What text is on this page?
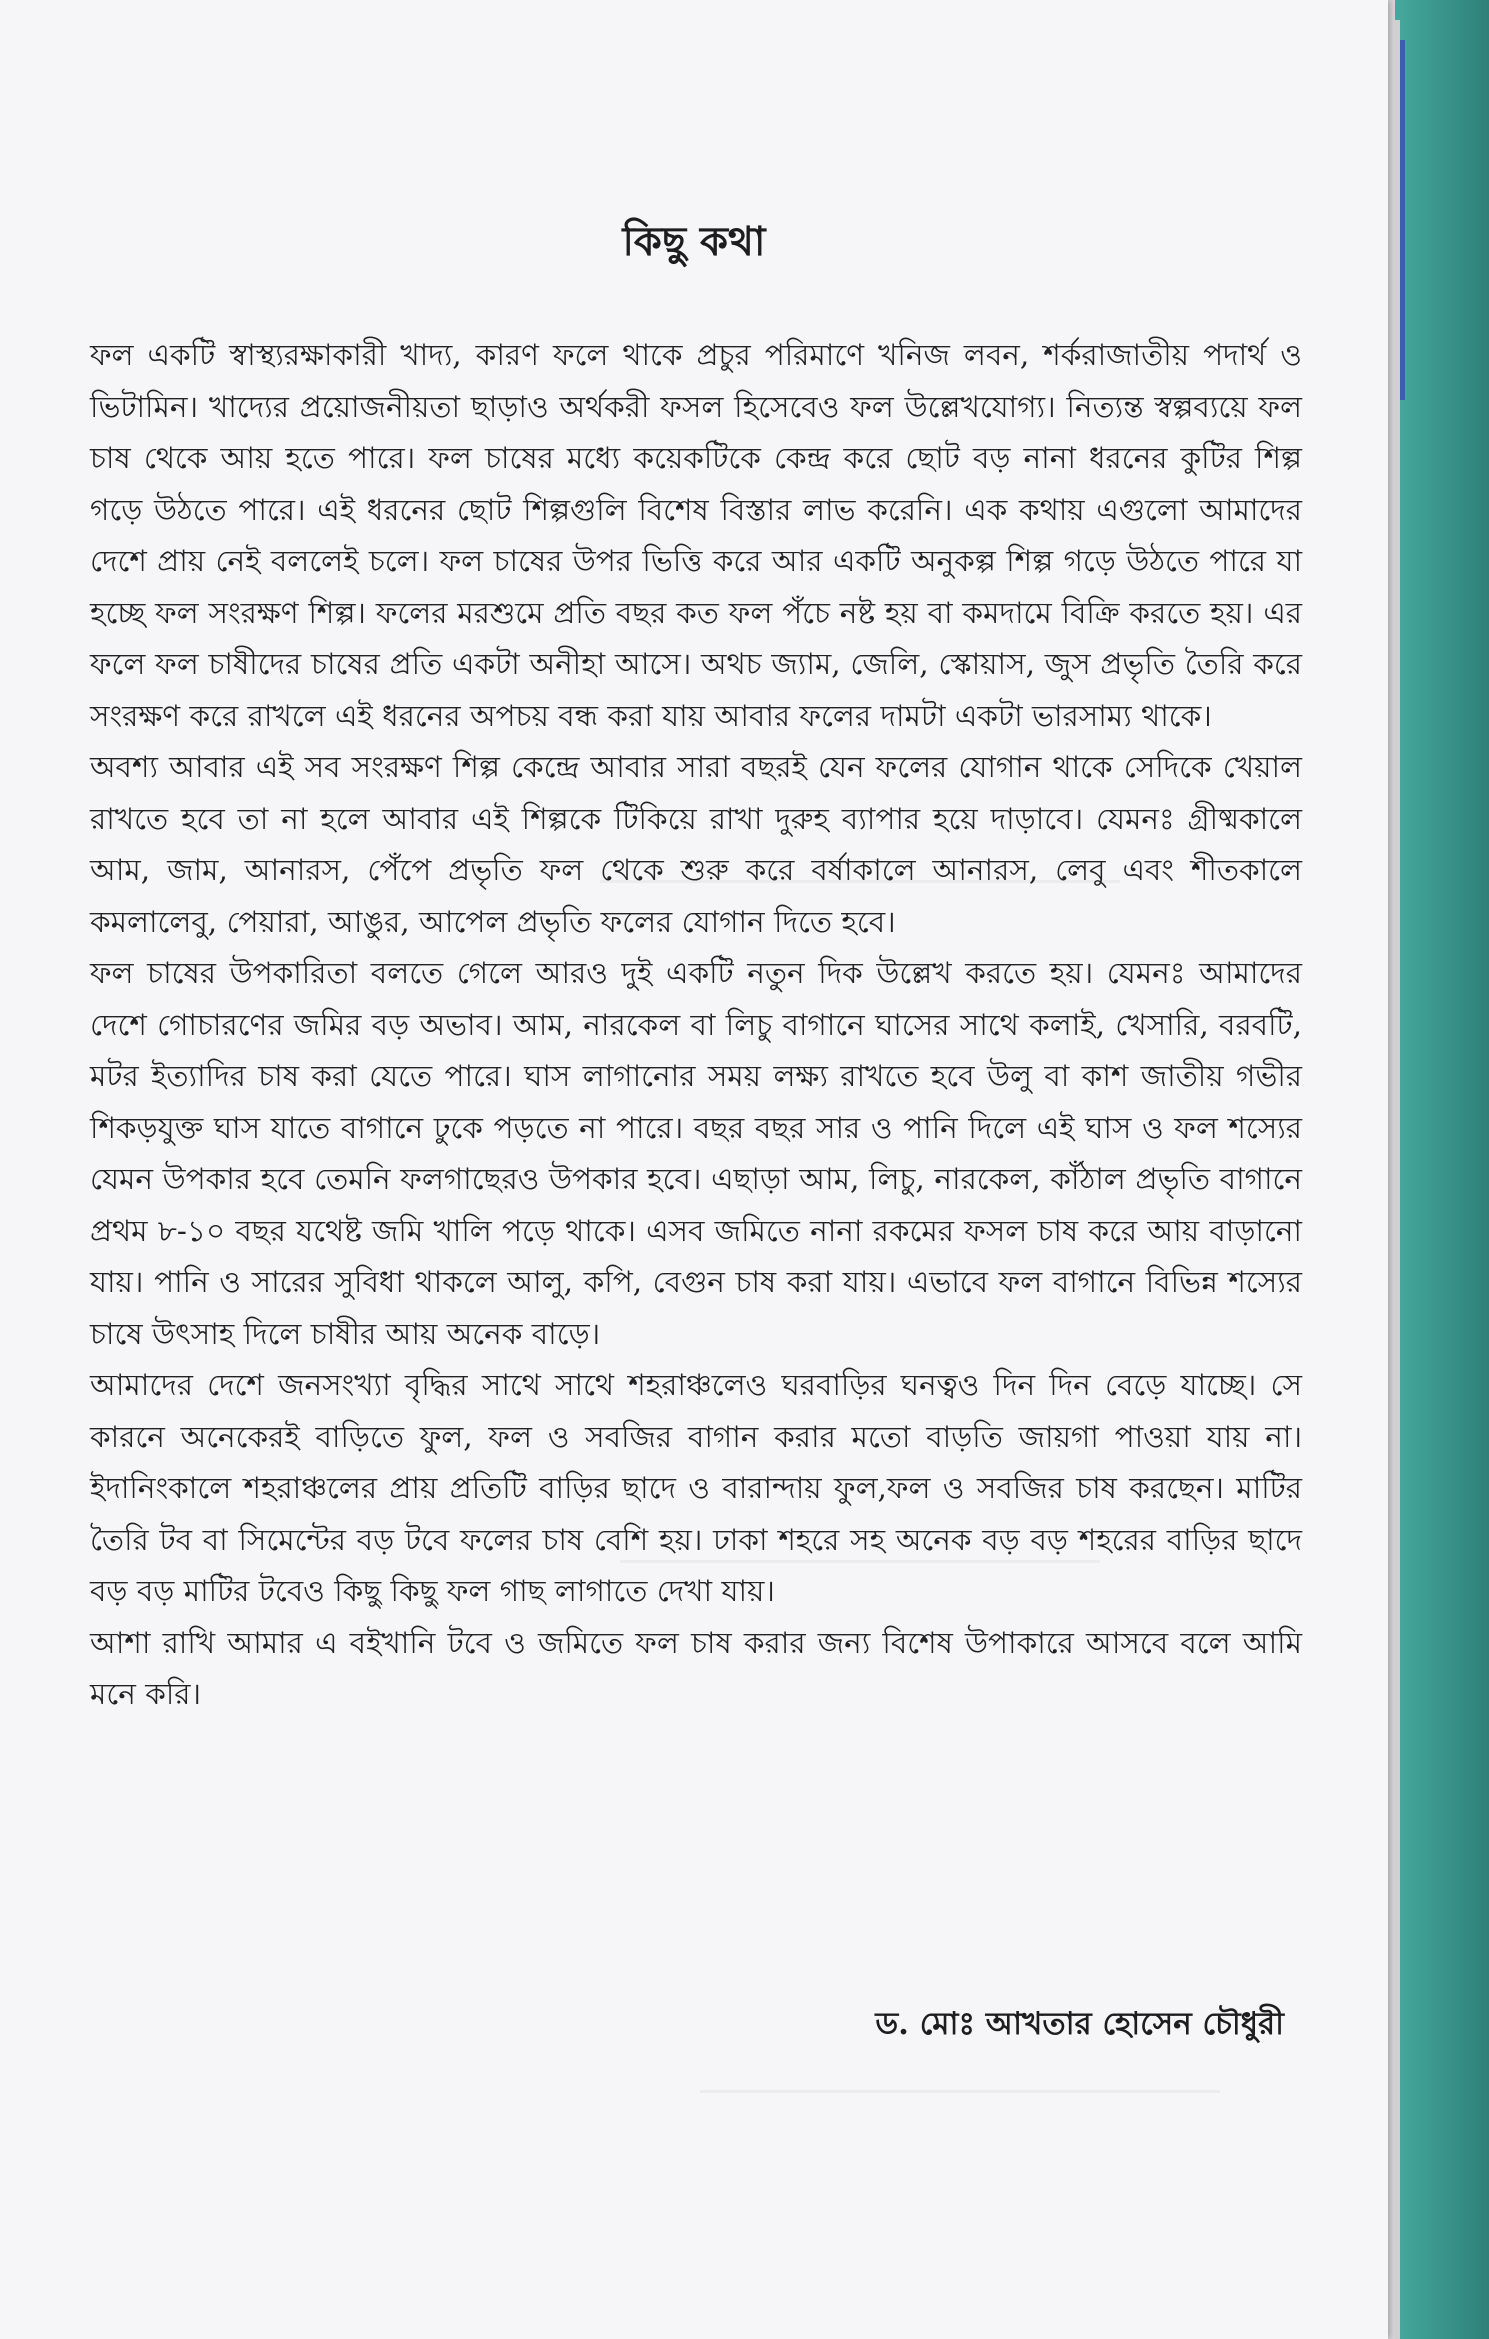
কিছু কথা

ফল একটি স্বাস্থ্যরক্ষাকারী খাদ্য, কারণ ফলে থাকে প্রচুর পরিমাণে খনিজ লবন, শর্করাজাতীয় পদার্থ ও ভিটামিন। খাদ্যের প্রয়োজনীয়তা ছাড়াও অর্থকরী ফসল হিসেবেও ফল উল্লেখযোগ্য। নিত্যন্ত স্বল্পব্যয়ে ফল চাষ থেকে আয় হতে পারে। ফল চাষের মধ্যে কয়েকটিকে কেন্দ্র করে ছোট বড় নানা ধরনের কুটির শিল্প গড়ে উঠতে পারে। এই ধরনের ছোট শিল্পগুলি বিশেষ বিস্তার লাভ করেনি। এক কথায় এগুলো আমাদের দেশে প্রায় নেই বললেই চলে। ফল চাষের উপর ভিত্তি করে আর একটি অনুকল্প শিল্প গড়ে উঠতে পারে যা হচ্ছে ফল সংরক্ষণ শিল্প। ফলের মরশুমে প্রতি বছর কত ফল পঁচে নষ্ট হয় বা কমদামে বিক্রি করতে হয়। এর ফলে ফল চাষীদের চাষের প্রতি একটা অনীহা আসে। অথচ জ্যাম, জেলি, স্কোয়াস, জুস প্রভৃতি তৈরি করে সংরক্ষণ করে রাখলে এই ধরনের অপচয় বন্ধ করা যায় আবার ফলের দামটা একটা ভারসাম্য থাকে।

অবশ্য আবার এই সব সংরক্ষণ শিল্প কেন্দ্রে আবার সারা বছরই যেন ফলের যোগান থাকে সেদিকে খেয়াল রাখতে হবে তা না হলে আবার এই শিল্পকে টিকিয়ে রাখা দুরুহ ব্যাপার হয়ে দাড়াবে। যেমনঃ গ্রীষ্মকালে আম, জাম, আনারস, পেঁপে প্রভৃতি ফল থেকে শুরু করে বর্ষাকালে আনারস, লেবু এবং শীতকালে কমলালেবু, পেয়ারা, আঙুর, আপেল প্রভৃতি ফলের যোগান দিতে হবে।

ফল চাষের উপকারিতা বলতে গেলে আরও দুই একটি নতুন দিক উল্লেখ করতে হয়। যেমনঃ আমাদের দেশে গোচারণের জমির বড় অভাব। আম, নারকেল বা লিচু বাগানে ঘাসের সাথে কলাই, খেসারি, বরবটি, মটর ইত্যাদির চাষ করা যেতে পারে। ঘাস লাগানোর সময় লক্ষ্য রাখতে হবে উলু বা কাশ জাতীয় গভীর শিকড়যুক্ত ঘাস যাতে বাগানে ঢুকে পড়তে না পারে। বছর বছর সার ও পানি দিলে এই ঘাস ও ফল শস্যের যেমন উপকার হবে তেমনি ফলগাছেরও উপকার হবে। এছাড়া আম, লিচু, নারকেল, কাঁঠাল প্রভৃতি বাগানে প্রথম ৮-১০ বছর যথেষ্ট জমি খালি পড়ে থাকে। এসব জমিতে নানা রকমের ফসল চাষ করে আয় বাড়ানো যায়। পানি ও সারের সুবিধা থাকলে আলু, কপি, বেগুন চাষ করা যায়। এভাবে ফল বাগানে বিভিন্ন শস্যের চাষে উৎসাহ দিলে চাষীর আয় অনেক বাড়ে।

আমাদের দেশে জনসংখ্যা বৃদ্ধির সাথে সাথে শহরাঞ্চলেও ঘরবাড়ির ঘনত্বও দিন দিন বেড়ে যাচ্ছে। সে কারনে অনেকেরই বাড়িতে ফুল, ফল ও সবজির বাগান করার মতো বাড়তি জায়গা পাওয়া যায় না। ইদানিংকালে শহরাঞ্চলের প্রায় প্রতিটি বাড়ির ছাদে ও বারান্দায় ফুল,ফল ও সবজির চাষ করছেন। মাটির তৈরি টব বা সিমেন্টের বড় টবে ফলের চাষ বেশি হয়। ঢাকা শহরে সহ অনেক বড় বড় শহরের বাড়ির ছাদে বড় বড় মাটির টবেও কিছু কিছু ফল গাছ লাগাতে দেখা যায়।

আশা রাখি আমার এ বইখানি টবে ও জমিতে ফল চাষ করার জন্য বিশেষ উপাকারে আসবে বলে আমি মনে করি।

ড. মোঃ আখতার হোসেন চৌধুরী
